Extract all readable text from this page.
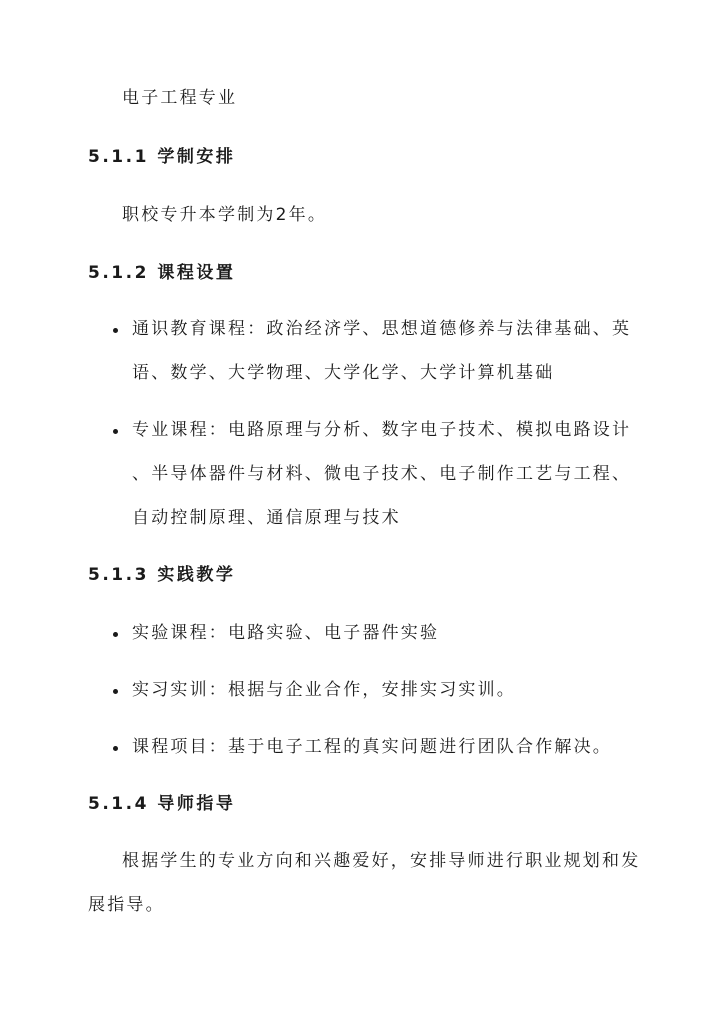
电子工程专业
5.1.1 学制安排
职校专升本学制为2年。
5.1.2 课程设置
通识教育课程：政治经济学、思想道德修养与法律基础、英
语、数学、大学物理、大学化学、大学计算机基础
专业课程：电路原理与分析、数字电子技术、模拟电路设计
、半导体器件与材料、微电子技术、电子制作工艺与工程、
自动控制原理、通信原理与技术
5.1.3 实践教学
实验课程：电路实验、电子器件实验
实习实训：根据与企业合作，安排实习实训。
课程项目：基于电子工程的真实问题进行团队合作解决。
5.1.4 导师指导
根据学生的专业方向和兴趣爱好，安排导师进行职业规划和发
展指导。
